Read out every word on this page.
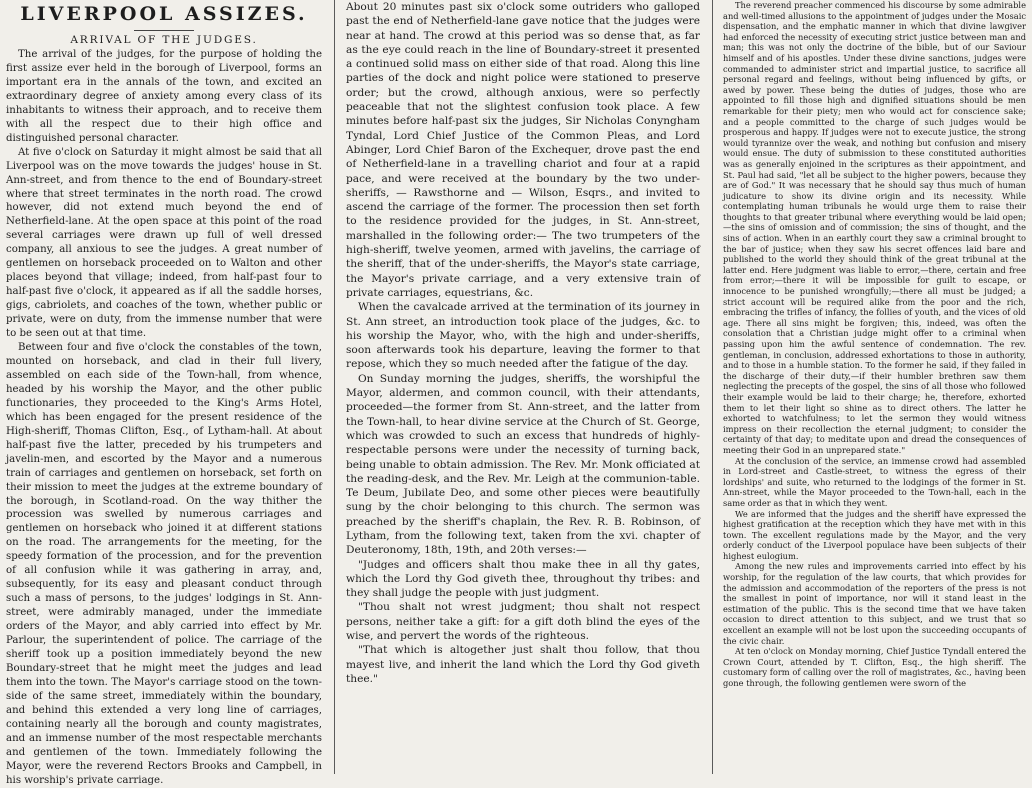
LIVERPOOL ASSIZES.
ARRIVAL OF THE JUDGES.

The arrival of the judges, for the purpose of holding the first assize ever held in the borough of Liverpool, forms an important era in the annals of the town, and excited an extraordinary degree of anxiety among every class of its inhabitants to witness their approach, and to receive them with all the respect due to their high office and distinguished personal character.

At five o'clock on Saturday it might almost be said that all Liverpool was on the move towards the judges' house in St. Ann-street, and from thence to the end of Boundary-street where that street terminates in the north road. The crowd however, did not extend much beyond the end of Netherfield-lane. At the open space at this point of the road several carriages were drawn up full of well dressed company, all anxious to see the judges. A great number of gentlemen on horseback proceeded on to Walton and other places beyond that village; indeed, from half-past four to half-past five o'clock, it appeared as if all the saddle horses, gigs, cabriolets, and coaches of the town, whether public or private, were on duty, from the immense number that were to be seen out at that time.

Between four and five o'clock the constables of the town, mounted on horseback, and clad in their full livery, assembled on each side of the Town-hall, from whence, headed by his worship the Mayor, and the other public functionaries, they proceeded to the King's Arms Hotel, which has been engaged for the present residence of the High-sheriff, Thomas Clifton, Esq., of Lytham-hall. At about half-past five the latter, preceded by his trumpeters and javelin-men, and escorted by the Mayor and a numerous train of carriages and gentlemen on horseback, set forth on their mission to meet the judges at the extreme boundary of the borough, in Scotland-road. On the way thither the procession was swelled by numerous carriages and gentlemen on horseback who joined it at different stations on the road. The arrangements for the meeting, for the speedy formation of the procession, and for the prevention of all confusion while it was gathering in array, and, subsequently, for its easy and pleasant conduct through such a mass of persons, to the judges' lodgings in St. Ann-street, were admirably managed, under the immediate orders of the Mayor, and ably carried into effect by Mr. Parlour, the superintendent of police. The carriage of the sheriff took up a position immediately beyond the new Boundary-street that he might meet the judges and lead them into the town. The Mayor's carriage stood on the town-side of the same street, immediately within the boundary, and behind this extended a very long line of carriages, containing nearly all the borough and county magistrates, and an immense number of the most respectable merchants and gentlemen of the town. Immediately following the Mayor, were the reverend Rectors Brooks and Campbell, in his worship's private carriage.

About 20 minutes past six o'clock some outriders who galloped past the end of Netherfield-lane gave notice that the judges were near at hand. The crowd at this period was so dense that, as far as the eye could reach in the line of Boundary-street it presented a continued solid mass on either side of that road. Along this line parties of the dock and night police were stationed to preserve order; but the crowd, although anxious, were so perfectly peaceable that not the slightest confusion took place. A few minutes before half-past six the judges, Sir Nicholas Conyngham Tyndal, Lord Chief Justice of the Common Pleas, and Lord Abinger, Lord Chief Baron of the Exchequer, drove past the end of Netherfield-lane in a travelling chariot and four at a rapid pace, and were received at the boundary by the two under-sheriffs, — Rawsthorne and — Wilson, Esqrs., and invited to ascend the carriage of the former. The procession then set forth to the residence provided for the judges, in St. Ann-street, marshalled in the following order:— The two trumpeters of the high-sheriff, twelve yeomen, armed with javelins, the carriage of the sheriff, that of the under-sheriffs, the Mayor's state carriage, the Mayor's private carriage, and a very extensive train of private carriages, equestrians, &c.

When the cavalcade arrived at the termination of its journey in St. Ann street, an introduction took place of the judges, &c. to his worship the Mayor, who, with the high and under-sheriffs, soon afterwards took his departure, leaving the former to that repose, which they so much needed after the fatigue of the day.

On Sunday morning the judges, sheriffs, the worshipful the Mayor, aldermen, and common council, with their attendants, proceeded—the former from St. Ann-street, and the latter from the Town-hall, to hear divine service at the Church of St. George, which was crowded to such an excess that hundreds of highly-respectable persons were under the necessity of turning back, being unable to obtain admission. The Rev. Mr. Monk officiated at the reading-desk, and the Rev. Mr. Leigh at the communion-table. Te Deum, Jubilate Deo, and some other pieces were beautifully sung by the choir belonging to this church. The sermon was preached by the sheriff's chaplain, the Rev. R. B. Robinson, of Lytham, from the following text, taken from the xvi. chapter of Deuteronomy, 18th, 19th, and 20th verses:—

"Judges and officers shalt thou make thee in all thy gates, which the Lord thy God giveth thee, throughout thy tribes: and they shall judge the people with just judgment.

"Thou shalt not wrest judgment; thou shalt not respect persons, neither take a gift: for a gift doth blind the eyes of the wise, and pervert the words of the righteous.

"That which is altogether just shalt thou follow, that thou mayest live, and inherit the land which the Lord thy God giveth thee."

The reverend preacher commenced his discourse by some admirable and well-timed allusions to the appointment of judges under the Mosaic dispensation, and the emphatic manner in which that divine lawgiver had enforced the necessity of executing strict justice between man and man; this was not only the doctrine of the bible, but of our Saviour himself and of his apostles. Under these divine sanctions, judges were commanded to administer strict and impartial justice, to sacrifice all personal regard and feelings, without being influenced by gifts, or awed by power. These being the duties of judges, those who are appointed to fill those high and dignified situations should be men remarkable for their piety; men who would act for conscience sake; and a people committed to the charge of such judges would be prosperous and happy. If judges were not to execute justice, the strong would tyrannize over the weak, and nothing but confusion and misery would ensue. The duty of submission to these constituted authorities was as generally enjoined in the scriptures as their appointment, and St. Paul had said, "let all be subject to the higher powers, because they are of God." It was necessary that he should say thus much of human judicature to show its divine origin and its necessity. While contemplating human tribunals he would urge them to raise their thoughts to that greater tribunal where everything would be laid open;—the sins of omission and of commission; the sins of thought, and the sins of action. When in an earthly court they saw a criminal brought to the bar of justice; when they saw his secret offences laid bare and published to the world they should think of the great tribunal at the latter end. Here judgment was liable to error,—there, certain and free from error;—there it will be impossible for guilt to escape, or innocence to be punished wrongfully;—there all must be judged; a strict account will be required alike from the poor and the rich, embracing the trifles of infancy, the follies of youth, and the vices of old age. There all sins might be forgiven; this, indeed, was often the consolation that a Christian judge might offer to a criminal when passing upon him the awful sentence of condemnation. The rev. gentleman, in conclusion, addressed exhortations to those in authority, and to those in a humble station. To the former he said, if they failed in the discharge of their duty,—if their humbler brethren saw them neglecting the precepts of the gospel, the sins of all those who followed their example would be laid to their charge; he, therefore, exhorted them to let their light so shine as to direct others. The latter he exhorted to watchfulness; to let the sermon they would witness impress on their recollection the eternal judgment; to consider the certainty of that day; to meditate upon and dread the consequences of meeting their God in an unprepared state."

At the conclusion of the service, an immense crowd had assembled in Lord-street and Castle-street, to witness the egress of their lordships' and suite, who returned to the lodgings of the former in St. Ann-street, while the Mayor proceeded to the Town-hall, each in the same order as that in which they went.

We are informed that the judges and the sheriff have expressed the highest gratification at the reception which they have met with in this town. The excellent regulations made by the Mayor, and the very orderly conduct of the Liverpool populace have been subjects of their highest eulogium.

Among the new rules and improvements carried into effect by his worship, for the regulation of the law courts, that which provides for the admission and accommodation of the reporters of the press is not the smallest in point of importance, nor will it stand least in the estimation of the public. This is the second time that we have taken occasion to direct attention to this subject, and we trust that so excellent an example will not be lost upon the succeeding occupants of the civic chair.

At ten o'clock on Monday morning, Chief Justice Tyndall entered the Crown Court, attended by T. Clifton, Esq., the high sheriff. The customary form of calling over the roll of magistrates, &c., having been gone through, the following gentlemen were sworn of the
